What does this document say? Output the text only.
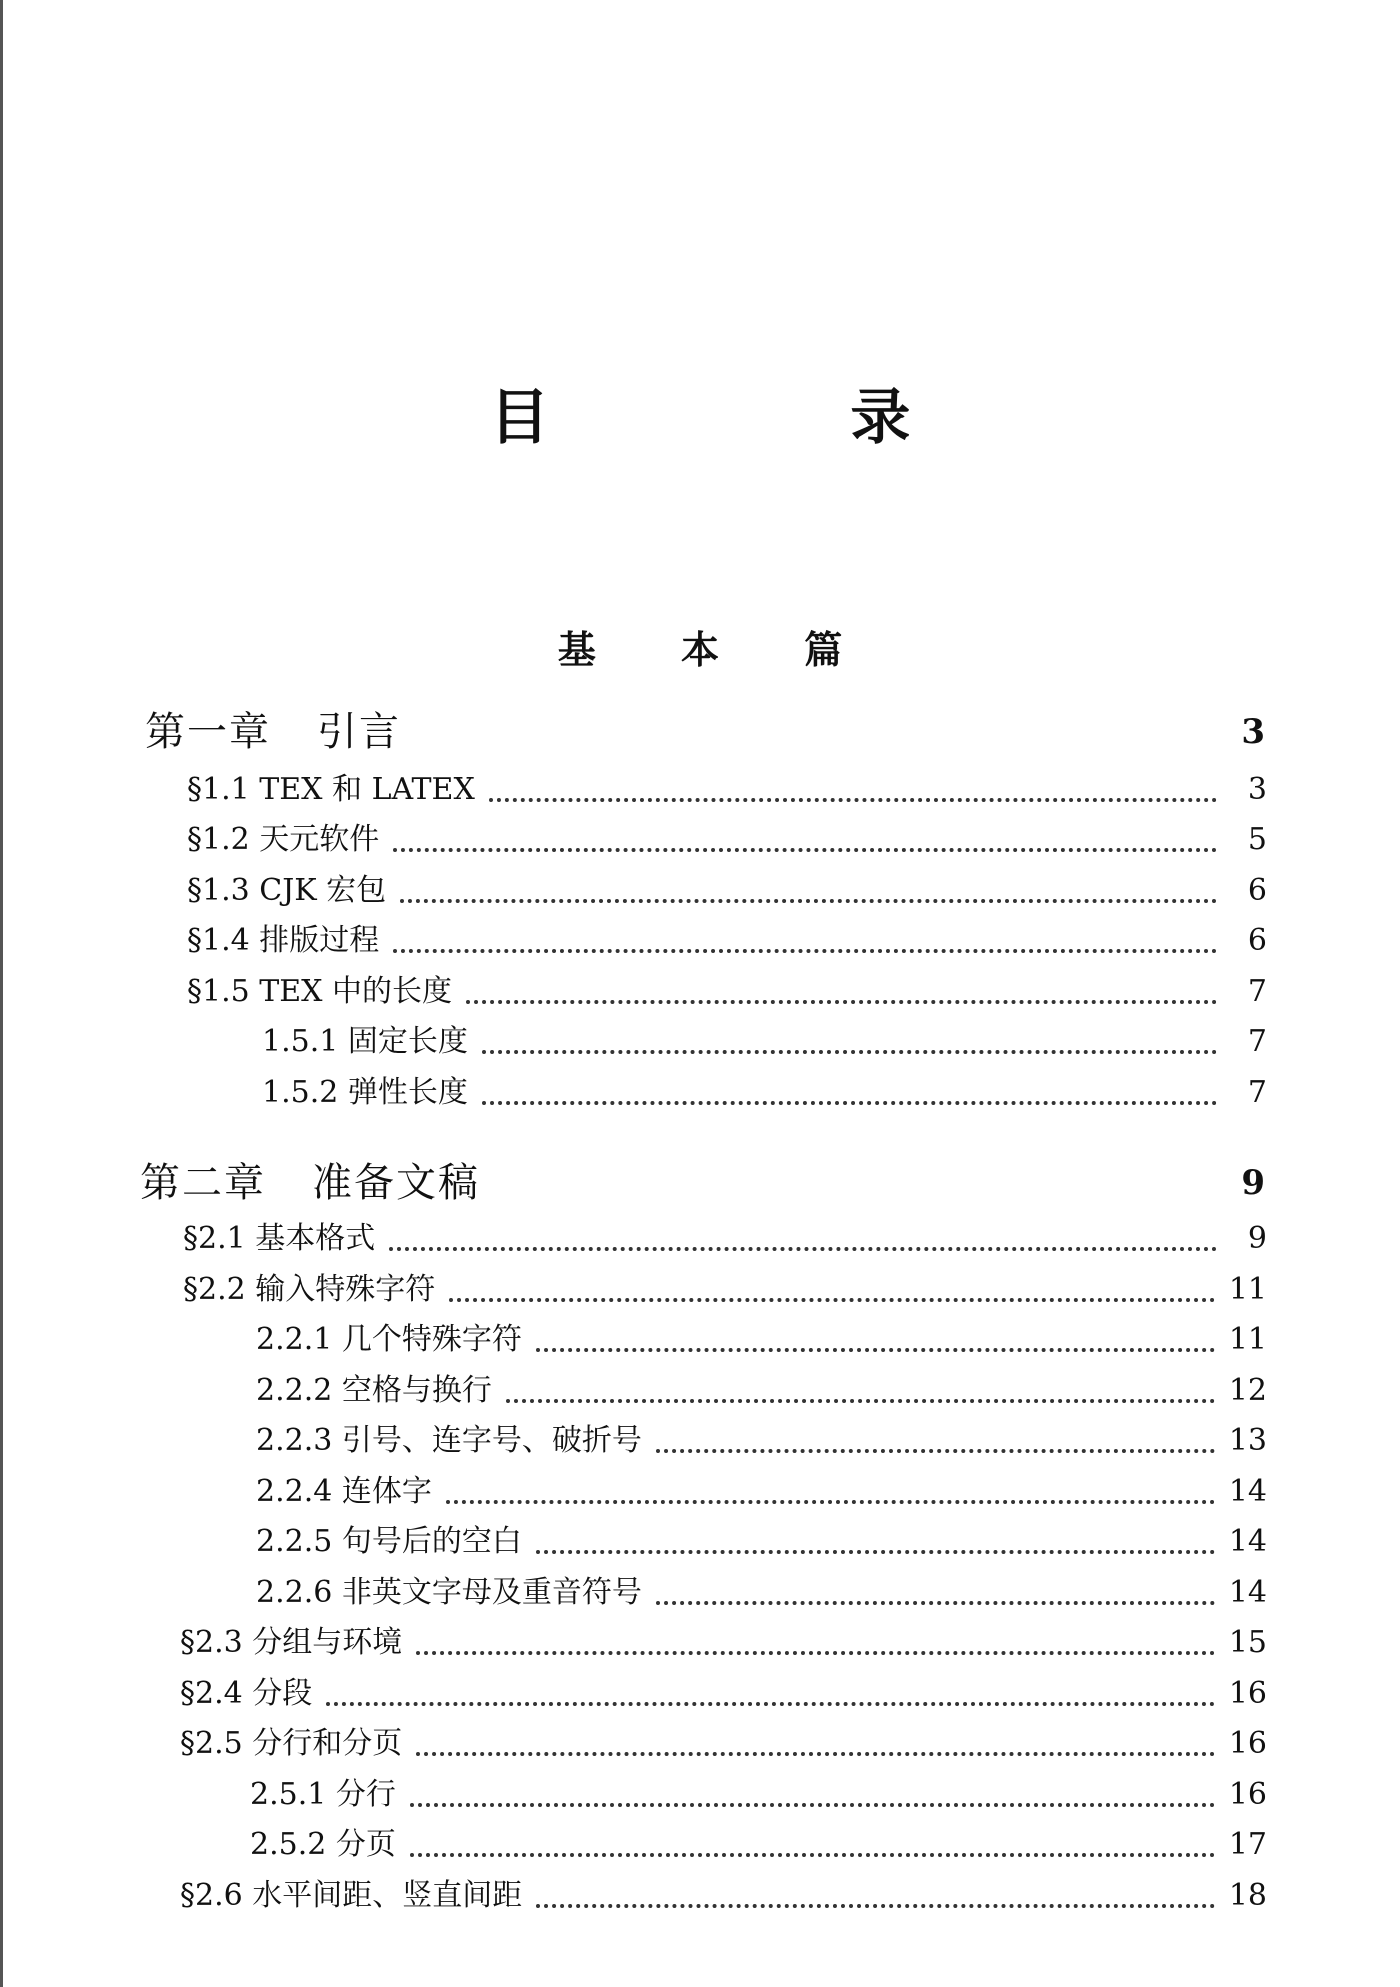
目 录
基 本 篇
第一章 引言	3
§1.1 TEX 和 LATEX	3
§1.2 天元软件	5
§1.3 CJK 宏包	6
§1.4 排版过程	6
§1.5 TEX 中的长度	7
1.5.1 固定长度	7
1.5.2 弹性长度	7
第二章 准备文稿	9
§2.1 基本格式	9
§2.2 输入特殊字符	11
2.2.1 几个特殊字符	11
2.2.2 空格与换行	12
2.2.3 引号、连字号、破折号	13
2.2.4 连体字	14
2.2.5 句号后的空白	14
2.2.6 非英文字母及重音符号	14
§2.3 分组与环境	15
§2.4 分段	16
§2.5 分行和分页	16
2.5.1 分行	16
2.5.2 分页	17
§2.6 水平间距、竖直间距	18
